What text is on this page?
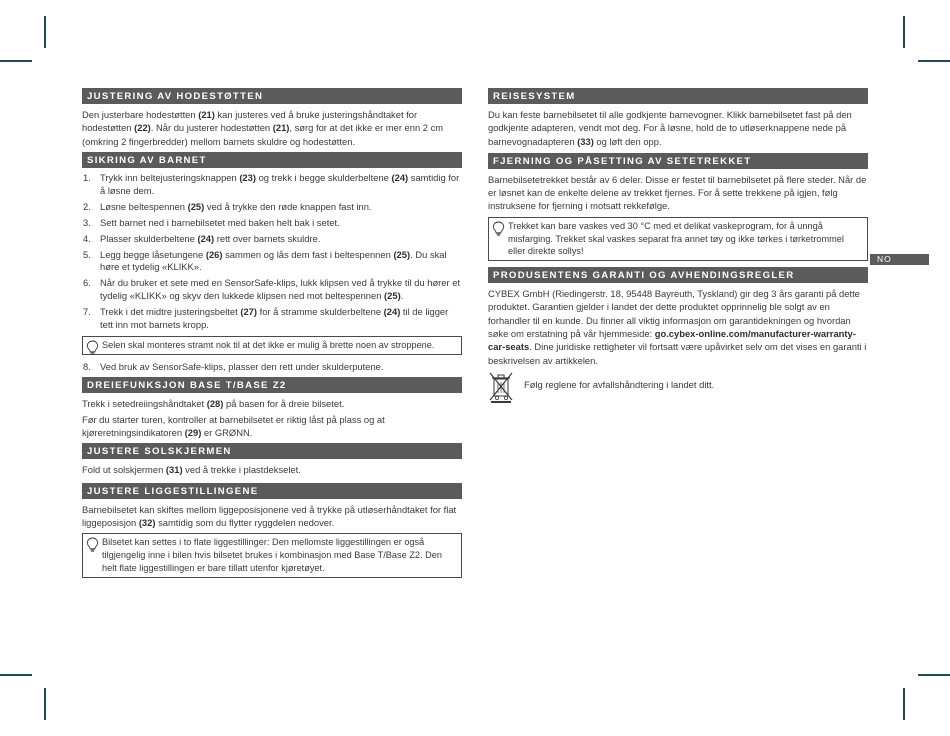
NO
JUSTERING AV HODESTØTTEN

Den justerbare hodestøtten (21) kan justeres ved å bruke justeringshåndtaket for hodestøtten (22). Når du justerer hodestøtten (21), sørg for at det ikke er mer enn 2 cm (omkring 2 fingerbredder) mellom barnets skuldre og hodestøtten.

SIKRING AV BARNET
1. Trykk inn beltejusteringsknappen (23) og trekk i begge skulderbeltene (24) samtidig for å løsne dem.
2. Løsne beltespennen (25) ved å trykke den røde knappen fast inn.
3. Sett barnet ned i barnebilsetet med baken helt bak i setet.
4. Plasser skulderbeltene (24) rett over barnets skuldre.
5. Legg begge låsetungene (26) sammen og lås dem fast i beltespennen (25). Du skal høre et tydelig «KLIKK».
6. Når du bruker et sete med en SensorSafe-klips, lukk klipsen ved å trykke til du hører et tydelig «KLIKK» og skyv den lukkede klipsen ned mot beltespennen (25).
7. Trekk i det midtre justeringsbeltet (27) for å stramme skulderbeltene (24) til de ligger tett inn mot barnets kropp.
Selen skal monteres stramt nok til at det ikke er mulig å brette noen av stroppene.
8. Ved bruk av SensorSafe-klips, plasser den rett under skulderputene.
DREIEFUNKSJON BASE T/BASE Z2

Trekk i setedreiingshåndtaket (28) på basen for å dreie bilsetet.

Før du starter turen, kontroller at barnebilsetet er riktig låst på plass og at kjøreretningsindikatoren (29) er GRØNN.

JUSTERE SOLSKJERMEN

Fold ut solskjermen (31) ved å trekke i plastdekselet.

JUSTERE LIGGESTILLINGENE

Barnebilsetet kan skiftes mellom liggeposisjonene ved å trykke på utløserhåndtaket for flat liggeposisjon (32) samtidig som du flytter ryggdelen nedover.

Bilsetet kan settes i to flate liggestillinger: Den mellomste liggestillingen er også tilgjengelig inne i bilen hvis bilsetet brukes i kombinasjon med Base T/Base Z2. Den helt flate liggestillingen er bare tillatt utenfor kjøretøyet.
REISESYSTEM

Du kan feste barnebilsetet til alle godkjente barnevogner. Klikk barnebilsetet fast på den godkjente adapteren, vendt mot deg. For å løsne, hold de to utløserknappene nede på barnevognadapteren (33) og løft den opp.

FJERNING OG PÅSETTING AV SETETREKKET

Barnebilsetetrekket består av 6 deler. Disse er festet til barnebilsetet på flere steder. Når de er løsnet kan de enkelte delene av trekket fjernes. For å sette trekkene på igjen, følg instruksene for fjerning i motsatt rekkefølge.

Trekket kan bare vaskes ved 30 °C med et delikat vaskeprogram, for å unngå misfarging. Trekket skal vaskes separat fra annet tøy og ikke tørkes i tørketrommel eller direkte sollys!
PRODUSENTENS GARANTI OG AVHENDINGSREGLER

CYBEX GmbH (Riedingerstr. 18, 95448 Bayreuth, Tyskland) gir deg 3 års garanti på dette produktet. Garantien gjelder i landet der dette produktet opprinnelig ble solgt av en forhandler til en kunde. Du finner all viktig informasjon om garantidekningen og hvordan søke om erstatning på vår hjemmeside: go.cybex-online.com/manufacturer-warranty-car-seats. Dine juridiske rettigheter vil fortsatt være upåvirket selv om det vises en garanti i beskrivelsen av artikkelen.

Følg reglene for avfallshåndtering i landet ditt.
